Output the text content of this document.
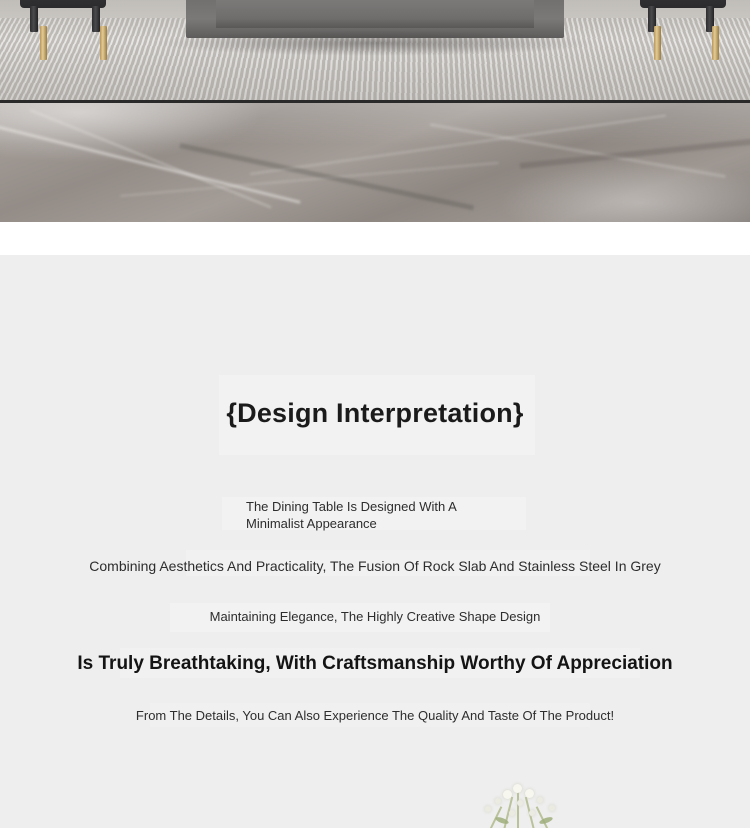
{Design Interpretation}
The Dining Table Is Designed With A Minimalist Appearance
Combining Aesthetics And Practicality, The Fusion Of Rock Slab And Stainless Steel In Grey
Maintaining Elegance, The Highly Creative Shape Design
Is Truly Breathtaking, With Craftsmanship Worthy Of Appreciation
From The Details, You Can Also Experience The Quality And Taste Of The Product!
